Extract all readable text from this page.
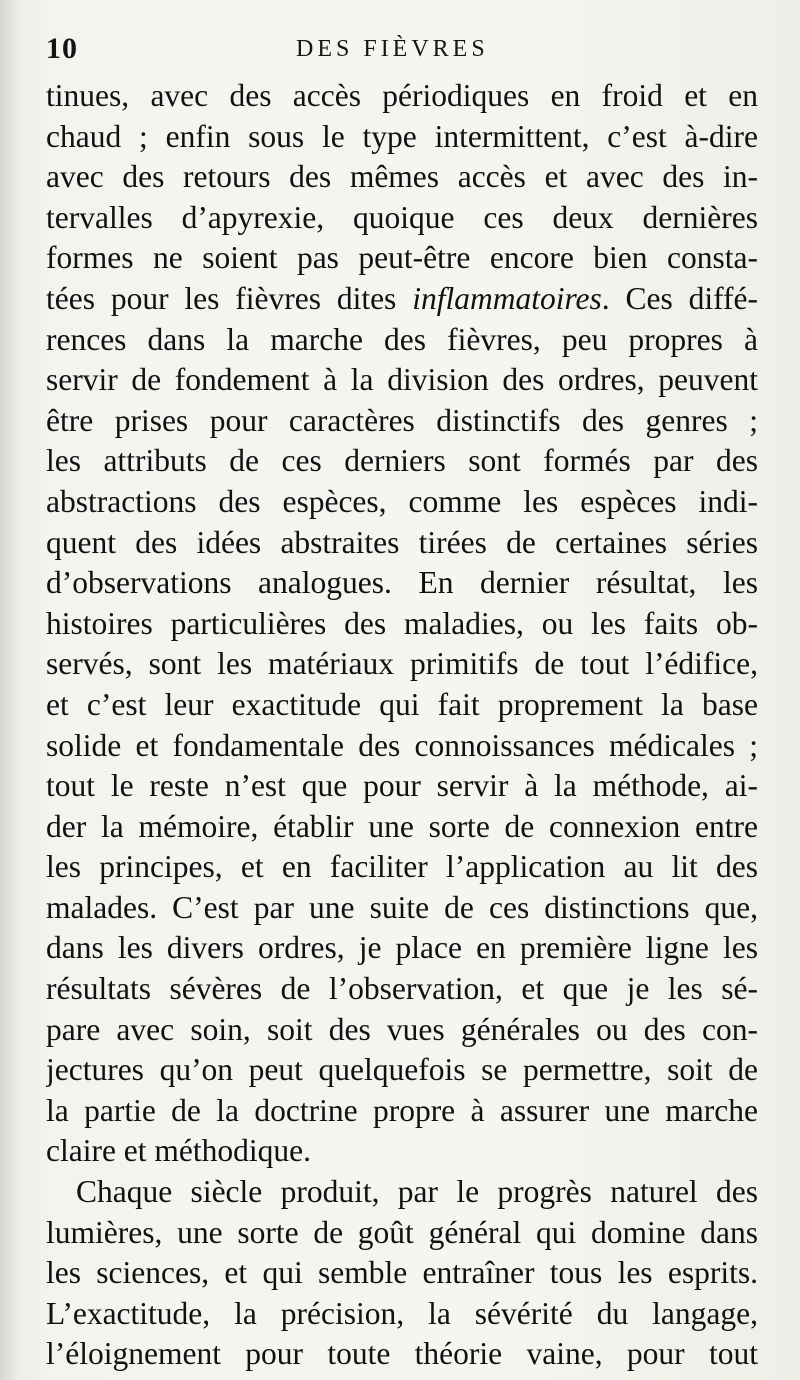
10	DES FIÈVRES
tinues, avec des accès périodiques en froid et en
chaud ; enfin sous le type intermittent, c’est à-dire
avec des retours des mêmes accès et avec des in-
tervalles d’apyrexie, quoique ces deux dernières
formes ne soient pas peut-être encore bien consta-
tées pour les fièvres dites inflammatoires. Ces diffé-
rences dans la marche des fièvres, peu propres à
servir de fondement à la division des ordres, peuvent
être prises pour caractères distinctifs des genres ;
les attributs de ces derniers sont formés par des
abstractions des espèces, comme les espèces indi-
quent des idées abstraites tirées de certaines séries
d’observations analogues. En dernier résultat, les
histoires particulières des maladies, ou les faits ob-
servés, sont les matériaux primitifs de tout l’édifice,
et c’est leur exactitude qui fait proprement la base
solide et fondamentale des connoissances médicales ;
tout le reste n’est que pour servir à la méthode, ai-
der la mémoire, établir une sorte de connexion entre
les principes, et en faciliter l’application au lit des
malades. C’est par une suite de ces distinctions que,
dans les divers ordres, je place en première ligne les
résultats sévères de l’observation, et que je les sé-
pare avec soin, soit des vues générales ou des con-
jectures qu’on peut quelquefois se permettre, soit de
la partie de la doctrine propre à assurer une marche
claire et méthodique.
Chaque siècle produit, par le progrès naturel des
lumières, une sorte de goût général qui domine dans
les sciences, et qui semble entraîner tous les esprits.
L’exactitude, la précision, la sévérité du langage,
l’éloignement pour toute théorie vaine, pour tout
